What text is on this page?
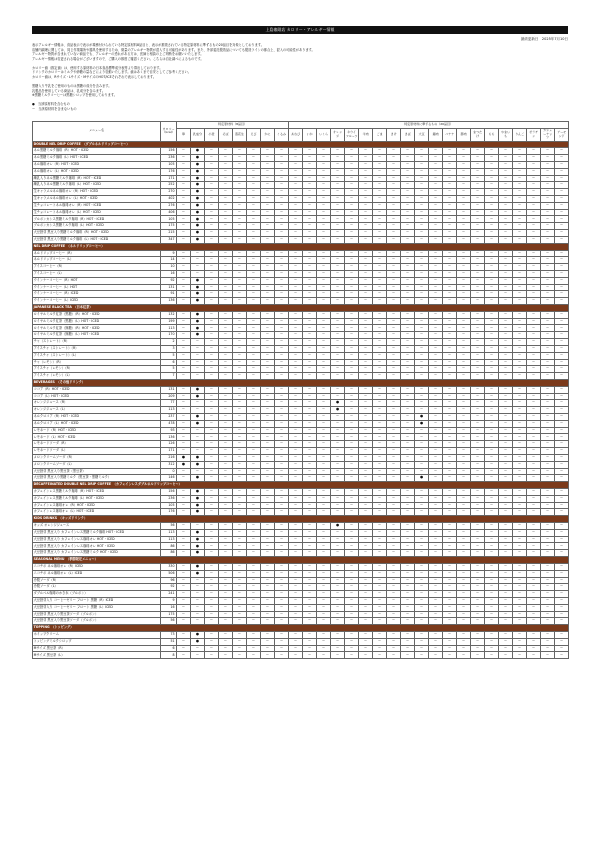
上島珈琲店 カロリー・アレルギー情報
最終更新日　2025年7月10日
表示アレルギー情報は、食品表示で表示が義務付けられている特定原材料8品目と、表示が推奨されている特定原材料に準ずるもの20品目を対象としております。
店舗内調理に関しては、同じ作業場所や器具を使用するため、微量のアレルギー物質が混入する可能性があります。また、外部委託製造品についても製造ラインの都合上、混入の可能性があります。
アレルギー物質が含まれていない商品でも、アレルギーの恐れがある方は、医師と相談の上ご判断をお願いいたします。
アレルギー情報は変更される場合がございますので、ご購入の都度ご確認ください。こちらは自社調べによるものです。
カロリー値（推定値）は、使用する原材料の日本食品標準成分表等より算出しております。
ドリンクのカロリーはミルクや砂糖の量などにより変動いたします。値はあくまで目安としてご参考ください。
カロリー値は、Rサイズ・Lサイズ・MサイズのHOT/ICEそれぞれで表示しております。
黒糖入り牛乳をご使用のものは黒糖の成分を含みます。
乳製品を使用している商品は、乳成分を含みます。
※黒糖ミルクコーヒーは黒糖シロップを使用しております。
●　当該原材料を含むもの
ー　当該原材料を含まないもの
メニュー名	カロリー（kcal）	特定原材料（8品目）								特定原材料に準ずるもの（20品目）																			
		卵	乳成分	小麦	そば	落花生	えび	かに	くるみ	あわび	いか	いくら	オレンジ	キウイフルーツ	牛肉	ごま	さけ	さば	大豆	鶏肉	バナナ	豚肉	まつたけ	もも	やまいも	りんご	ゼラチン	カシューナッツ	アーモンド
DOUBLE NEL DRIP COFFEE　（ダブルネルドリップコーヒー）																													
ネル黒糖ミルク珈琲（R）HOT・ICED	156	ー	●	ー	ー	ー	ー	ー	ー	ー	ー	ー	ー	ー	ー	ー	ー	ー	ー	ー	ー	ー	ー	ー	ー	ー	ー	ー	ー
ネル黒糖ミルク珈琲（L）HOT・ICED	236	ー	●	ー	ー	ー	ー	ー	ー	ー	ー	ー	ー	ー	ー	ー	ー	ー	ー	ー	ー	ー	ー	ー	ー	ー	ー	ー	ー
ネル珈琲オレ（R）HOT・ICED	105	ー	●	ー	ー	ー	ー	ー	ー	ー	ー	ー	ー	ー	ー	ー	ー	ー	ー	ー	ー	ー	ー	ー	ー	ー	ー	ー	ー
ネル珈琲オレ（L）HOT・ICED	176	ー	●	ー	ー	ー	ー	ー	ー	ー	ー	ー	ー	ー	ー	ー	ー	ー	ー	ー	ー	ー	ー	ー	ー	ー	ー	ー	ー
練乳入りネル黒糖ミルク珈琲（R）HOT・ICED	171	ー	●	ー	ー	ー	ー	ー	ー	ー	ー	ー	ー	ー	ー	ー	ー	ー	ー	ー	ー	ー	ー	ー	ー	ー	ー	ー	ー
練乳入りネル黒糖ミルク珈琲（L）HOT・ICED	252	ー	●	ー	ー	ー	ー	ー	ー	ー	ー	ー	ー	ー	ー	ー	ー	ー	ー	ー	ー	ー	ー	ー	ー	ー	ー	ー	ー
生キャラメルネル珈琲オレ（R）HOT・ICED	270	ー	●	ー	ー	ー	ー	ー	ー	ー	ー	ー	ー	ー	ー	ー	ー	ー	ー	ー	ー	ー	ー	ー	ー	ー	ー	ー	ー
生キャラメルネル珈琲オレ（L）HOT・ICED	402	ー	●	ー	ー	ー	ー	ー	ー	ー	ー	ー	ー	ー	ー	ー	ー	ー	ー	ー	ー	ー	ー	ー	ー	ー	ー	ー	ー
生チョコレートネル珈琲オレ（R）HOT・ICED	276	ー	●	ー	ー	ー	ー	ー	ー	ー	ー	ー	ー	ー	ー	ー	ー	ー	ー	ー	ー	ー	ー	ー	ー	ー	ー	ー	ー
生チョコレートネル珈琲オレ（L）HOT・ICED	406	ー	●	ー	ー	ー	ー	ー	ー	ー	ー	ー	ー	ー	ー	ー	ー	ー	ー	ー	ー	ー	ー	ー	ー	ー	ー	ー	ー
ブルボンカシス黒糖ミルク珈琲（R）HOT・ICED	105	ー	●	ー	ー	ー	ー	ー	ー	ー	ー	ー	ー	ー	ー	ー	ー	ー	ー	ー	ー	ー	ー	ー	ー	ー	ー	ー	ー
ブルボンカシス黒糖ミルク珈琲（L）HOT・ICED	175	ー	●	ー	ー	ー	ー	ー	ー	ー	ー	ー	ー	ー	ー	ー	ー	ー	ー	ー	ー	ー	ー	ー	ー	ー	ー	ー	ー
大豆胚芽 黒豆入り黒糖ミルク珈琲（R）HOT・ICED	215	ー	●	ー	ー	ー	ー	ー	ー	ー	ー	ー	ー	ー	ー	ー	ー	ー	ー	ー	ー	ー	ー	ー	ー	ー	ー	ー	ー
大豆胚芽 黒豆入り黒糖ミルク珈琲（L）HOT・ICED	347	ー	●	ー	ー	ー	ー	ー	ー	ー	ー	ー	ー	ー	ー	ー	ー	ー	ー	ー	ー	ー	ー	ー	ー	ー	ー	ー	ー
NEL DRIP COFFEE　（ネルドリップコーヒー）																													
ネルドリップコーヒー（R）	9	ー	ー	ー	ー	ー	ー	ー	ー	ー	ー	ー	ー	ー	ー	ー	ー	ー	ー	ー	ー	ー	ー	ー	ー	ー	ー	ー	ー
ネルドリップコーヒー（L）	14	ー	ー	ー	ー	ー	ー	ー	ー	ー	ー	ー	ー	ー	ー	ー	ー	ー	ー	ー	ー	ー	ー	ー	ー	ー	ー	ー	ー
アイスコーヒー（R）	10	ー	ー	ー	ー	ー	ー	ー	ー	ー	ー	ー	ー	ー	ー	ー	ー	ー	ー	ー	ー	ー	ー	ー	ー	ー	ー	ー	ー
アイスコーヒー（L）	16	ー	ー	ー	ー	ー	ー	ー	ー	ー	ー	ー	ー	ー	ー	ー	ー	ー	ー	ー	ー	ー	ー	ー	ー	ー	ー	ー	ー
ウインナーコーヒー（R）HOT	92	ー	●	ー	ー	ー	ー	ー	ー	ー	ー	ー	ー	ー	ー	ー	ー	ー	ー	ー	ー	ー	ー	ー	ー	ー	ー	ー	ー
ウインナーコーヒー（L）HOT	131	ー	●	ー	ー	ー	ー	ー	ー	ー	ー	ー	ー	ー	ー	ー	ー	ー	ー	ー	ー	ー	ー	ー	ー	ー	ー	ー	ー
ウインナーコーヒー（R）ICED	91	ー	●	ー	ー	ー	ー	ー	ー	ー	ー	ー	ー	ー	ー	ー	ー	ー	ー	ー	ー	ー	ー	ー	ー	ー	ー	ー	ー
ウインナーコーヒー（L）ICED	136	ー	●	ー	ー	ー	ー	ー	ー	ー	ー	ー	ー	ー	ー	ー	ー	ー	ー	ー	ー	ー	ー	ー	ー	ー	ー	ー	ー
JAPANESE BLACK TEA　（日本紅茶）																													
ロイヤルミルク紅茶（黒糖）（R）HOT・ICED	132	ー	●	ー	ー	ー	ー	ー	ー	ー	ー	ー	ー	ー	ー	ー	ー	ー	ー	ー	ー	ー	ー	ー	ー	ー	ー	ー	ー
ロイヤルミルク紅茶（黒糖）（L）HOT・ICED	199	ー	●	ー	ー	ー	ー	ー	ー	ー	ー	ー	ー	ー	ー	ー	ー	ー	ー	ー	ー	ー	ー	ー	ー	ー	ー	ー	ー
ロイヤルミルク紅茶（無糖）（R）HOT・ICED	113	ー	●	ー	ー	ー	ー	ー	ー	ー	ー	ー	ー	ー	ー	ー	ー	ー	ー	ー	ー	ー	ー	ー	ー	ー	ー	ー	ー
ロイヤルミルク紅茶（無糖）（L）HOT・ICED	170	ー	●	ー	ー	ー	ー	ー	ー	ー	ー	ー	ー	ー	ー	ー	ー	ー	ー	ー	ー	ー	ー	ー	ー	ー	ー	ー	ー
チャ（ストレート）（R）	2	ー	ー	ー	ー	ー	ー	ー	ー	ー	ー	ー	ー	ー	ー	ー	ー	ー	ー	ー	ー	ー	ー	ー	ー	ー	ー	ー	ー
アイスチャ（ストレート）（R）	3	ー	ー	ー	ー	ー	ー	ー	ー	ー	ー	ー	ー	ー	ー	ー	ー	ー	ー	ー	ー	ー	ー	ー	ー	ー	ー	ー	ー
アイスチャ（ストレート）（L）	5	ー	ー	ー	ー	ー	ー	ー	ー	ー	ー	ー	ー	ー	ー	ー	ー	ー	ー	ー	ー	ー	ー	ー	ー	ー	ー	ー	ー
チャ（レモン）（R）	6	ー	ー	ー	ー	ー	ー	ー	ー	ー	ー	ー	ー	ー	ー	ー	ー	ー	ー	ー	ー	ー	ー	ー	ー	ー	ー	ー	ー
アイスチャ（レモン）（R）	5	ー	ー	ー	ー	ー	ー	ー	ー	ー	ー	ー	ー	ー	ー	ー	ー	ー	ー	ー	ー	ー	ー	ー	ー	ー	ー	ー	ー
アイスチャ（レモン）（L）	7	ー	ー	ー	ー	ー	ー	ー	ー	ー	ー	ー	ー	ー	ー	ー	ー	ー	ー	ー	ー	ー	ー	ー	ー	ー	ー	ー	ー
BEVERAGES　（その他ドリンク）																													
ココア（R）HOT・ICED	131	ー	●	ー	ー	ー	ー	ー	ー	ー	ー	ー	ー	ー	ー	ー	ー	ー	ー	ー	ー	ー	ー	ー	ー	ー	ー	ー	ー
ココア（L）HOT・ICED	209	ー	●	ー	ー	ー	ー	ー	ー	ー	ー	ー	ー	ー	ー	ー	ー	ー	ー	ー	ー	ー	ー	ー	ー	ー	ー	ー	ー
オレンジジュース（R）	77	ー	ー	ー	ー	ー	ー	ー	ー	ー	ー	ー	●	ー	ー	ー	ー	ー	ー	ー	ー	ー	ー	ー	ー	ー	ー	ー	ー
オレンジジュース（L）	113	ー	ー	ー	ー	ー	ー	ー	ー	ー	ー	ー	●	ー	ー	ー	ー	ー	ー	ー	ー	ー	ー	ー	ー	ー	ー	ー	ー
ネルクロコア（R）HOT・ICED	237	ー	●	ー	ー	ー	ー	ー	ー	ー	ー	ー	ー	ー	ー	ー	ー	ー	●	ー	ー	ー	ー	ー	ー	ー	ー	ー	ー
ネルクロコア（L）HOT・ICED	478	ー	●	ー	ー	ー	ー	ー	ー	ー	ー	ー	ー	ー	ー	ー	ー	ー	●	ー	ー	ー	ー	ー	ー	ー	ー	ー	ー
レモネード（R）HOT・ICED	93	ー	ー	ー	ー	ー	ー	ー	ー	ー	ー	ー	ー	ー	ー	ー	ー	ー	ー	ー	ー	ー	ー	ー	ー	ー	ー	ー	ー
レモネード（L）HOT・ICED	136	ー	ー	ー	ー	ー	ー	ー	ー	ー	ー	ー	ー	ー	ー	ー	ー	ー	ー	ー	ー	ー	ー	ー	ー	ー	ー	ー	ー
レモネードソーダ（R）	126	ー	ー	ー	ー	ー	ー	ー	ー	ー	ー	ー	ー	ー	ー	ー	ー	ー	ー	ー	ー	ー	ー	ー	ー	ー	ー	ー	ー
レモネードソーダ（L）	171	ー	ー	ー	ー	ー	ー	ー	ー	ー	ー	ー	ー	ー	ー	ー	ー	ー	ー	ー	ー	ー	ー	ー	ー	ー	ー	ー	ー
メロンクリームソーダ（R）	216	●	●	ー	ー	ー	ー	ー	ー	ー	ー	ー	ー	ー	ー	ー	ー	ー	ー	ー	ー	ー	ー	ー	ー	ー	ー	ー	ー
メロンクリームソーダ（L）	312	●	●	ー	ー	ー	ー	ー	ー	ー	ー	ー	ー	ー	ー	ー	ー	ー	ー	ー	ー	ー	ー	ー	ー	ー	ー	ー	ー
大豆胚芽 黒豆入り黒豆茶（黒豆茶）	0	ー	ー	ー	ー	ー	ー	ー	ー	ー	ー	ー	ー	ー	ー	ー	ー	ー	ー	ー	ー	ー	ー	ー	ー	ー	ー	ー	ー
大豆胚芽 黒豆入り黒糖ミルク（黒豆茶・黒糖ミルク）	146	ー	●	ー	ー	ー	ー	ー	ー	ー	ー	ー	ー	ー	ー	ー	ー	ー	●	ー	ー	ー	ー	ー	ー	ー	ー	ー	ー
DECAFFEINATED DOUBLE NEL DRIP COFFEE　（カフェインレスダブルネルドリップコーヒー）																													
カフェインレス黒糖ミルク珈琲（R）HOT・ICED	156	ー	●	ー	ー	ー	ー	ー	ー	ー	ー	ー	ー	ー	ー	ー	ー	ー	ー	ー	ー	ー	ー	ー	ー	ー	ー	ー	ー
カフェインレス黒糖ミルク珈琲（L）HOT・ICED	236	ー	●	ー	ー	ー	ー	ー	ー	ー	ー	ー	ー	ー	ー	ー	ー	ー	ー	ー	ー	ー	ー	ー	ー	ー	ー	ー	ー
カフェインレス珈琲オレ（R）HOT・ICED	105	ー	●	ー	ー	ー	ー	ー	ー	ー	ー	ー	ー	ー	ー	ー	ー	ー	ー	ー	ー	ー	ー	ー	ー	ー	ー	ー	ー
カフェインレス珈琲オレ（L）HOT・ICED	176	ー	●	ー	ー	ー	ー	ー	ー	ー	ー	ー	ー	ー	ー	ー	ー	ー	ー	ー	ー	ー	ー	ー	ー	ー	ー	ー	ー
KIDS DRINKS　（キッズドリンク）																													
キッズ オレンジジュース	56	ー	ー	ー	ー	ー	ー	ー	ー	ー	ー	ー	●	ー	ー	ー	ー	ー	ー	ー	ー	ー	ー	ー	ー	ー	ー	ー	ー
大豆胚芽 黒豆入り カフェインレス黒糖ミルク珈琲 HOT・ICED	113	ー	●	ー	ー	ー	ー	ー	ー	ー	ー	ー	ー	ー	ー	ー	ー	ー	ー	ー	ー	ー	ー	ー	ー	ー	ー	ー	ー
大豆胚芽 黒豆入り カフェインレス珈琲オレ HOT・ICED	113	ー	●	ー	ー	ー	ー	ー	ー	ー	ー	ー	ー	ー	ー	ー	ー	ー	ー	ー	ー	ー	ー	ー	ー	ー	ー	ー	ー
大豆胚芽 黒豆入り カフェインレス珈琲オレ HOT・ICED	86	ー	●	ー	ー	ー	ー	ー	ー	ー	ー	ー	ー	ー	ー	ー	ー	ー	ー	ー	ー	ー	ー	ー	ー	ー	ー	ー	ー
大豆胚芽 黒豆入り カフェインレス黒糖ミルク HOT・ICED	86	ー	●	ー	ー	ー	ー	ー	ー	ー	ー	ー	ー	ー	ー	ー	ー	ー	ー	ー	ー	ー	ー	ー	ー	ー	ー	ー	ー
SEASONAL MENU　（季節限定メニュー）																													
ニコチボ ネル珈琲オレ（R）ICED	330	ー	●	ー	ー	ー	ー	ー	ー	ー	ー	ー	ー	ー	ー	ー	ー	ー	ー	ー	ー	ー	ー	ー	ー	ー	ー	ー	ー
ニコチボ ネル珈琲オレ（L）ICED	506	ー	●	ー	ー	ー	ー	ー	ー	ー	ー	ー	ー	ー	ー	ー	ー	ー	ー	ー	ー	ー	ー	ー	ー	ー	ー	ー	ー
冷製ソーダ（R）	96	ー	ー	ー	ー	ー	ー	ー	ー	ー	ー	ー	ー	ー	ー	ー	ー	ー	ー	ー	ー	ー	ー	ー	ー	ー	ー	ー	ー
冷製ソーダ（L）	92	ー	ー	ー	ー	ー	ー	ー	ー	ー	ー	ー	ー	ー	ー	ー	ー	ー	ー	ー	ー	ー	ー	ー	ー	ー	ー	ー	ー
ダブルベル珈琲のかき氷（ブルボン）	241	ー	ー	ー	ー	ー	ー	ー	ー	ー	ー	ー	ー	ー	ー	ー	ー	ー	ー	ー	ー	ー	ー	ー	ー	ー	ー	ー	ー
大豆胚芽入り コーヒーゼリー フロート 黒糖（R）ICED	9	ー	ー	ー	ー	ー	ー	ー	ー	ー	ー	ー	ー	ー	ー	ー	ー	ー	ー	ー	ー	ー	ー	ー	ー	ー	ー	ー	ー
大豆胚芽入り コーヒーゼリー フロート 黒糖（L）ICED	16	ー	ー	ー	ー	ー	ー	ー	ー	ー	ー	ー	ー	ー	ー	ー	ー	ー	ー	ー	ー	ー	ー	ー	ー	ー	ー	ー	ー
大豆胚芽 黒豆入り黒豆茶ソーダ（ブルボン）	175	ー	ー	ー	ー	ー	ー	ー	ー	ー	ー	ー	ー	ー	ー	ー	ー	ー	ー	ー	ー	ー	ー	ー	ー	ー	ー	ー	ー
大豆胚芽 黒豆入り黒豆茶ソーダ（ブルボン）	56	ー	ー	ー	ー	ー	ー	ー	ー	ー	ー	ー	ー	ー	ー	ー	ー	ー	ー	ー	ー	ー	ー	ー	ー	ー	ー	ー	ー
TOPPING　（トッピング）																													
ホイップクリーム	73	ー	●	ー	ー	ー	ー	ー	ー	ー	ー	ー	ー	ー	ー	ー	ー	ー	ー	ー	ー	ー	ー	ー	ー	ー	ー	ー	ー
トッピングミルクシロップ	51	ー	●	ー	ー	ー	ー	ー	ー	ー	ー	ー	ー	ー	ー	ー	ー	ー	ー	ー	ー	ー	ー	ー	ー	ー	ー	ー	ー
Mサイズ 黒豆茶（R）	6	ー	ー	ー	ー	ー	ー	ー	ー	ー	ー	ー	ー	ー	ー	ー	ー	ー	ー	ー	ー	ー	ー	ー	ー	ー	ー	ー	ー
Mサイズ 黒豆茶（L）	8	ー	ー	ー	ー	ー	ー	ー	ー	ー	ー	ー	ー	ー	ー	ー	ー	ー	ー	ー	ー	ー	ー	ー	ー	ー	ー	ー	ー
